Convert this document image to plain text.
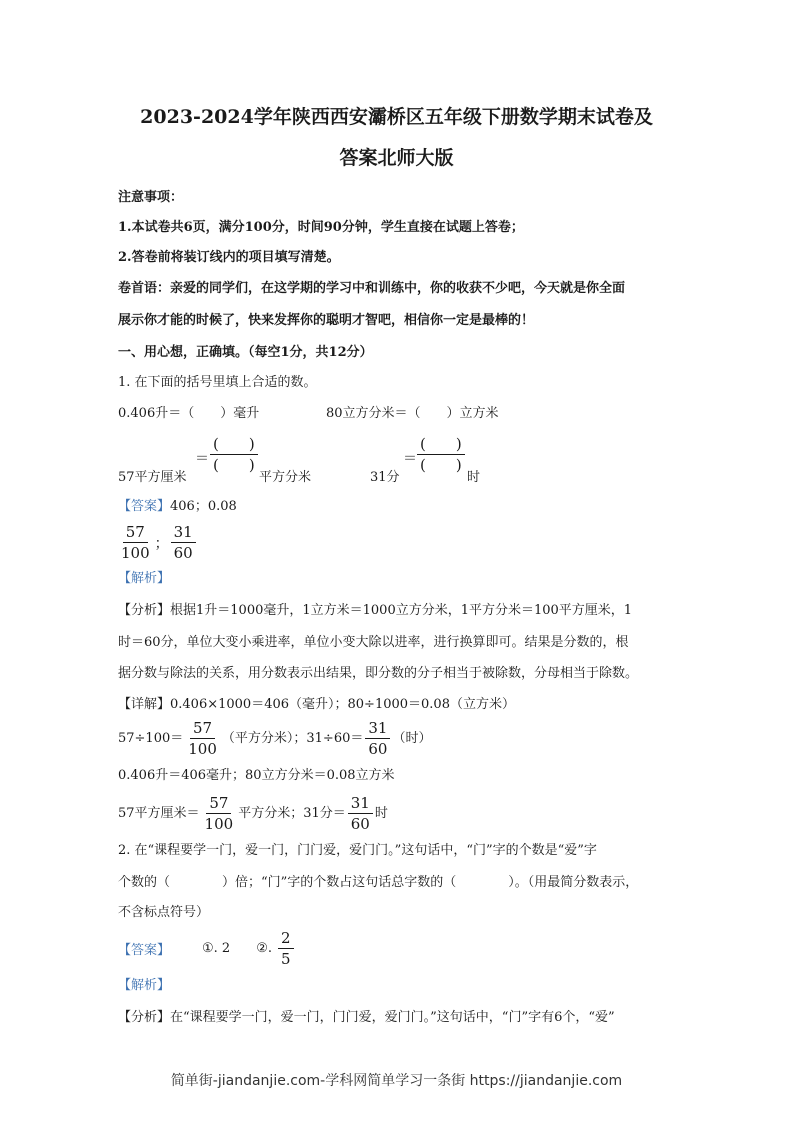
2023-2024学年陕西西安灞桥区五年级下册数学期末试卷及
答案北师大版
注意事项：
1.本试卷共6页，满分100分，时间90分钟，学生直接在试题上答卷；
2.答卷前将装订线内的项目填写清楚。
卷首语：亲爱的同学们，在这学期的学习中和训练中，你的收获不少吧，今天就是你全面
展示你才能的时候了，快来发挥你的聪明才智吧，相信你一定是最棒的！
一、用心想，正确填。（每空1分，共12分）
1. 在下面的括号里填上合适的数。
0.406升＝（　　）毫升	80立方分米＝（　　）立方米
57平方厘米
＝ $\frac{( )}{( )}$
平方分米	31分
＝ $\frac{( )}{( )}$
时
【答案】406；0.08
$\frac{57}{100}$ ； $\frac{31}{60}$
【解析】
【分析】根据1升＝1000毫升，1立方米＝1000立方分米，1平方分米＝100平方厘米，1
时＝60分，单位大变小乘进率，单位小变大除以进率，进行换算即可。结果是分数的，根
据分数与除法的关系，用分数表示出结果，即分数的分子相当于被除数，分母相当于除数。
【详解】0.406×1000＝406（毫升）；80÷1000＝0.08（立方米）
$57\div 100= \frac{57}{100}$ （平方分米）；$31\div 60= \frac{31}{60}$ （时）
0.406升＝406毫升；80立方分米＝0.08立方米
57平方厘米＝ $\frac{57}{100}$ 平方分米；31分＝ $\frac{31}{60}$ 时
2. 在“课程要学一门，爱一门，门门爱，爱门门。”这句话中，“门”字的个数是“爱”字
个数的（　　　　）倍；“门”字的个数占这句话总字数的（　　　　）。（用最简分数表示，
不含标点符号）
【答案】 ①. 2 ②. $\frac{2}{5}$
【解析】
【分析】在“课程要学一门，爱一门，门门爱，爱门门。”这句话中，“门”字有6个，“爱”
简单街-jiandanjie.com-学科网简单学习一条街 https://jiandanjie.com
